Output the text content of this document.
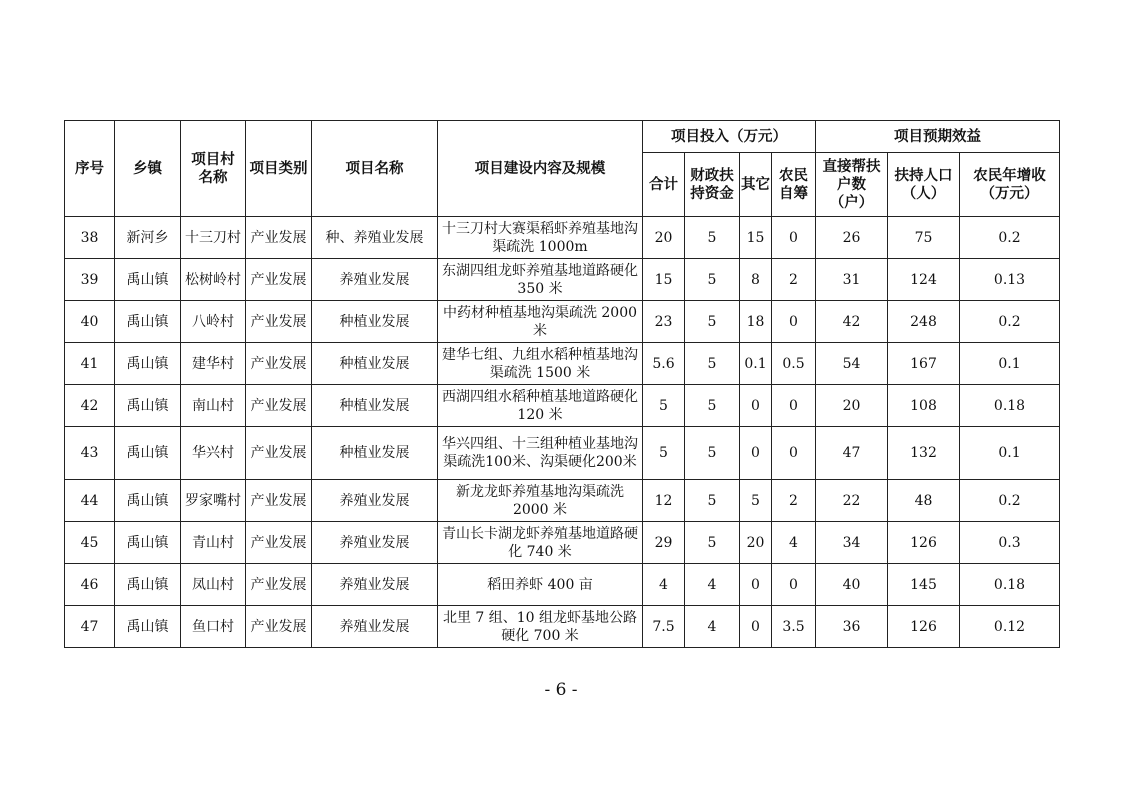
序号	乡镇	项目村名称	项目类别	项目名称	项目建设内容及规模	项目投入（万元）				项目预期效益		
						合计	财政扶持资金	其它	农民自筹	直接帮扶户数（户）	扶持人口（人）	农民年增收（万元）
38	新河乡	十三刀村	产业发展	种、养殖业发展	十三刀村大赛渠稻虾养殖基地沟渠疏洗 1000m	20	5	15	0	26	75	0.2
39	禹山镇	松树岭村	产业发展	养殖业发展	东湖四组龙虾养殖基地道路硬化 350 米	15	5	8	2	31	124	0.13
40	禹山镇	八岭村	产业发展	种植业发展	中药材种植基地沟渠疏洗 2000 米	23	5	18	0	42	248	0.2
41	禹山镇	建华村	产业发展	种植业发展	建华七组、九组水稻种植基地沟渠疏洗 1500 米	5.6	5	0.1	0.5	54	167	0.1
42	禹山镇	南山村	产业发展	种植业发展	西湖四组水稻种植基地道路硬化 120 米	5	5	0	0	20	108	0.18
43	禹山镇	华兴村	产业发展	种植业发展	华兴四组、十三组种植业基地沟渠疏洗100米、沟渠硬化200米	5	5	0	0	47	132	0.1
44	禹山镇	罗家嘴村	产业发展	养殖业发展	新龙龙虾养殖基地沟渠疏洗 2000 米	12	5	5	2	22	48	0.2
45	禹山镇	青山村	产业发展	养殖业发展	青山长卡湖龙虾养殖基地道路硬化 740 米	29	5	20	4	34	126	0.3
46	禹山镇	凤山村	产业发展	养殖业发展	稻田养虾 400 亩	4	4	0	0	40	145	0.18
47	禹山镇	鱼口村	产业发展	养殖业发展	北里 7 组、10 组龙虾基地公路硬化 700 米	7.5	4	0	3.5	36	126	0.12
- 6 -
